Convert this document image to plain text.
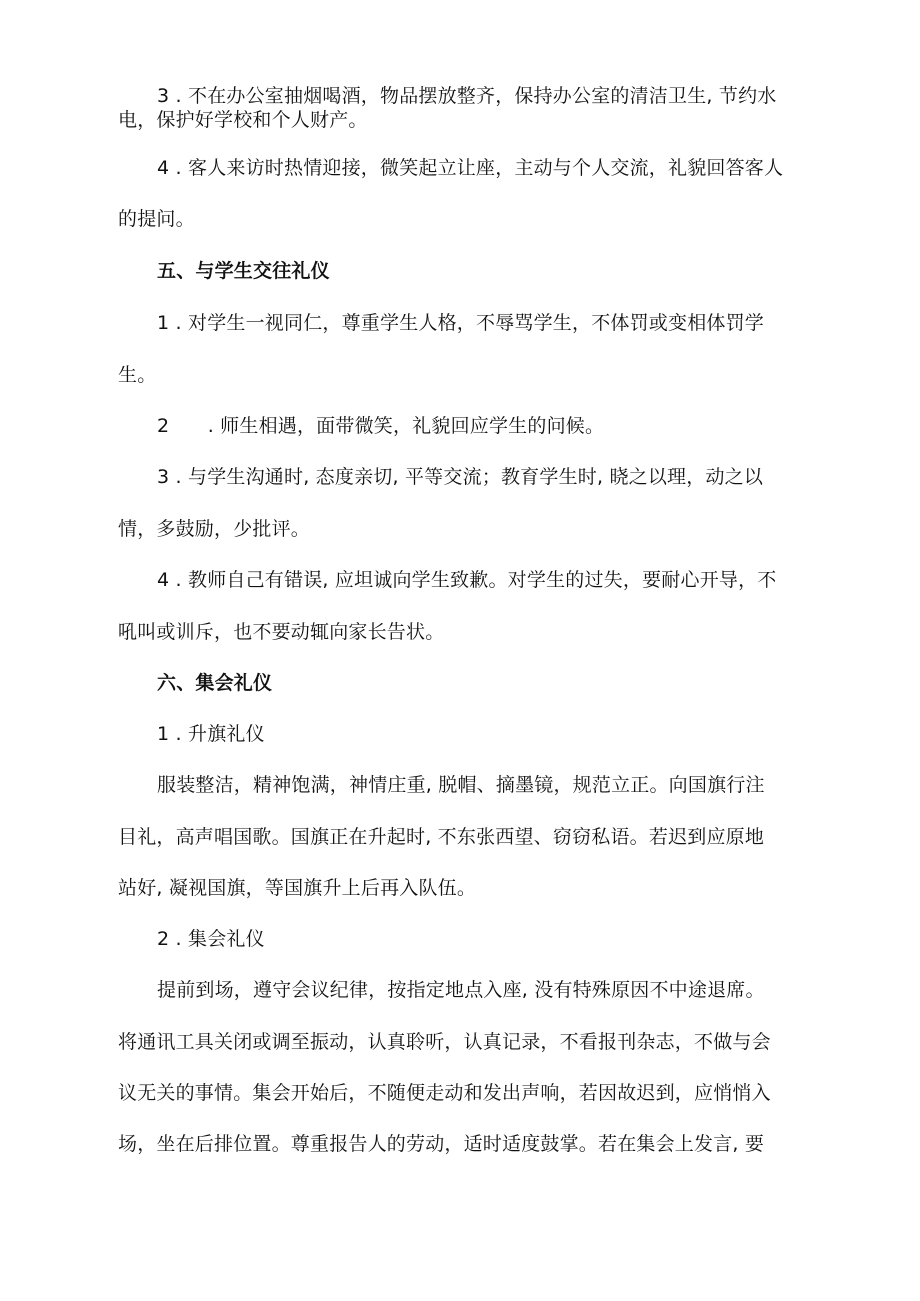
3 . 不在办公室抽烟喝酒，物品摆放整齐，保持办公室的清洁卫生, 节约水
电，保护好学校和个人财产。
4 . 客人来访时热情迎接，微笑起立让座，主动与个人交流，礼貌回答客人
的提问。
五、与学生交往礼仪
1 . 对学生一视同仁，尊重学生人格，不辱骂学生，不体罚或变相体罚学
生。
2　　. 师生相遇，面带微笑，礼貌回应学生的问候。
3 . 与学生沟通时, 态度亲切, 平等交流；教育学生时, 晓之以理，动之以
情，多鼓励，少批评。
4 . 教师自己有错误, 应坦诚向学生致歉。对学生的过失，要耐心开导，不
吼叫或训斥，也不要动辄向家长告状。
六、集会礼仪
1 . 升旗礼仪
服装整洁，精神饱满，神情庄重, 脱帽、摘墨镜，规范立正。向国旗行注
目礼，高声唱国歌。国旗正在升起时, 不东张西望、窃窃私语。若迟到应原地
站好, 凝视国旗，等国旗升上后再入队伍。
2 . 集会礼仪
提前到场，遵守会议纪律，按指定地点入座, 没有特殊原因不中途退席。
将通讯工具关闭或调至振动，认真聆听，认真记录，不看报刊杂志，不做与会
议无关的事情。集会开始后，不随便走动和发出声响，若因故迟到，应悄悄入
场，坐在后排位置。尊重报告人的劳动，适时适度鼓掌。若在集会上发言, 要
